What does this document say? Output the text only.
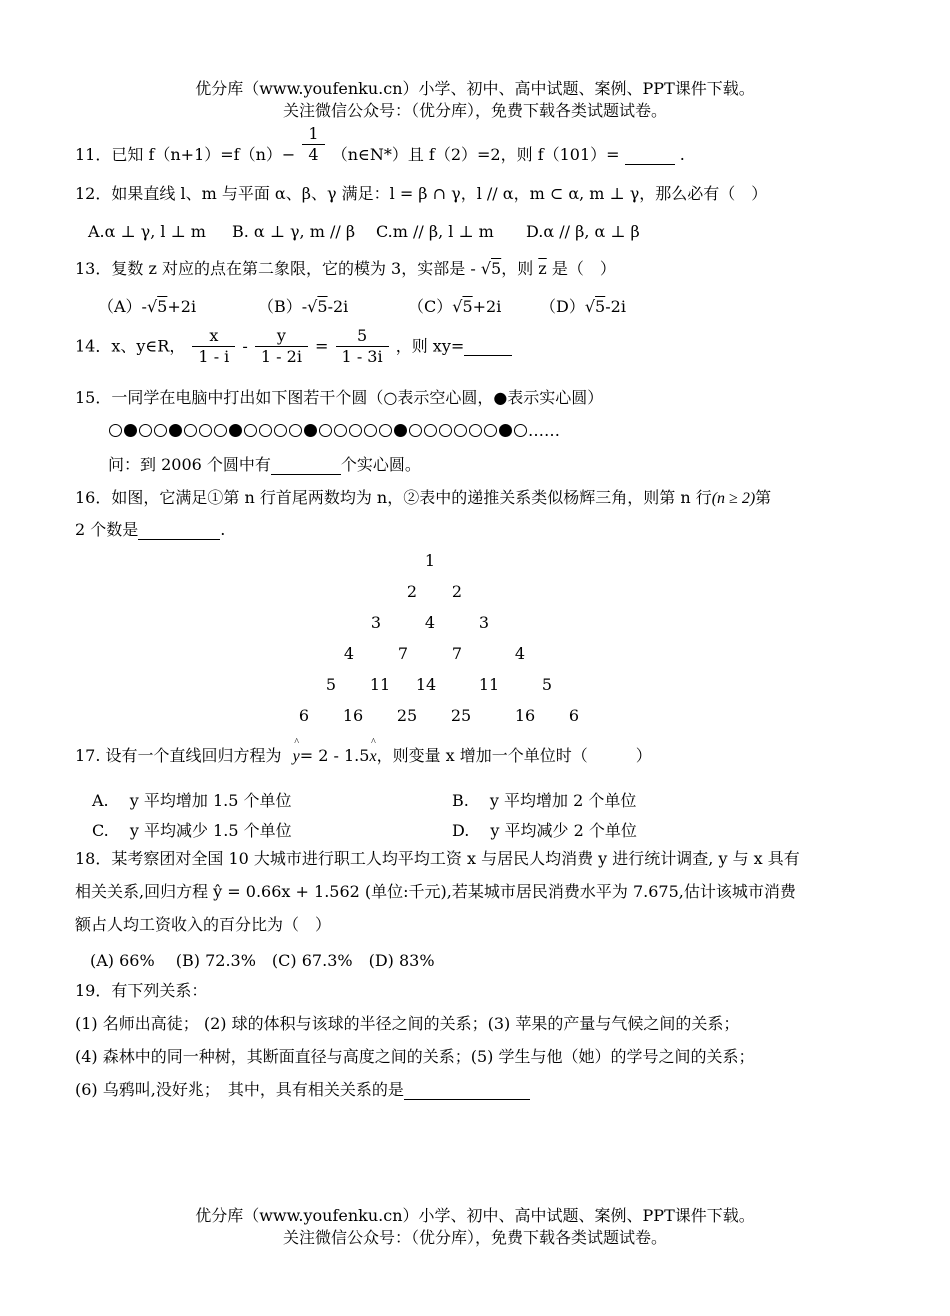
优分库（www.youfenku.cn）小学、初中、高中试题、案例、PPT课件下载。
关注微信公众号：（优分库），免费下载各类试题试卷。
11．已知 $f(n+1)=f(n)- \frac{1}{4}$ （n∈N*）且 f（2）=2，则 f（101）=	.
12．如果直线 l、m 与平面 α、β、γ 满足：l = β ∩ γ，l // α，m ⊂ α, m ⊥ γ，那么必有（　）
A.α ⊥ γ, l ⊥ m B. α ⊥ γ, m // β C.m // β, l ⊥ m D.α // β, α ⊥ β
13．复数 z 对应的点在第二象限，它的模为 3，实部是 - √5，则 $\overline{z}$ 是（　）
（A）-√5+2i	（B）-√5-2i	（C）√5+2i （D）√5-2i
14．x、y∈R， $\frac{x}{1 - i} - \frac{y}{1 - 2i} = \frac{5}{1 - 3i}$ ，则 xy=
15．一同学在电脑中打出如下图若干个圆（○表示空心圆，●表示实心圆）
……
问：到 2006 个圆中有	个实心圆。
16．如图，它满足①第 n 行首尾两数均为 n，②表中的递推关系类似杨辉三角，则第 n 行(n ≥ 2)第
2 个数是	.
1
2	2
3	4	3
4	7	7	4
5	11	14	11	5
6	16	25	25	16	6
17. 设有一个直线回归方程为 ^ y= 2 - 1.5^ x，则变量 x 增加一个单位时（　　　）
A.　 y 平均增加 1.5 个单位	B.　 y 平均增加 2 个单位
C.　 y 平均减少 1.5 个单位	D.　 y 平均减少 2 个单位
18．某考察团对全国 10 大城市进行职工人均平均工资 x 与居民人均消费 y 进行统计调查, y 与 x 具有
相关关系,回归方程 ŷ = 0.66x + 1.562 (单位:千元),若某城市居民消费水平为 7.675,估计该城市消费
额占人均工资收入的百分比为（　）
(A) 66%　 (B) 72.3%　(C) 67.3%　(D) 83%
19．有下列关系：
(1) 名师出高徒； (2) 球的体积与该球的半径之间的关系；(3) 苹果的产量与气候之间的关系；
(4) 森林中的同一种树，其断面直径与高度之间的关系；(5) 学生与他（她）的学号之间的关系；
(6) 乌鸦叫,没好兆；　其中，具有相关关系的是
优分库（www.youfenku.cn）小学、初中、高中试题、案例、PPT课件下载。
关注微信公众号：（优分库），免费下载各类试题试卷。
